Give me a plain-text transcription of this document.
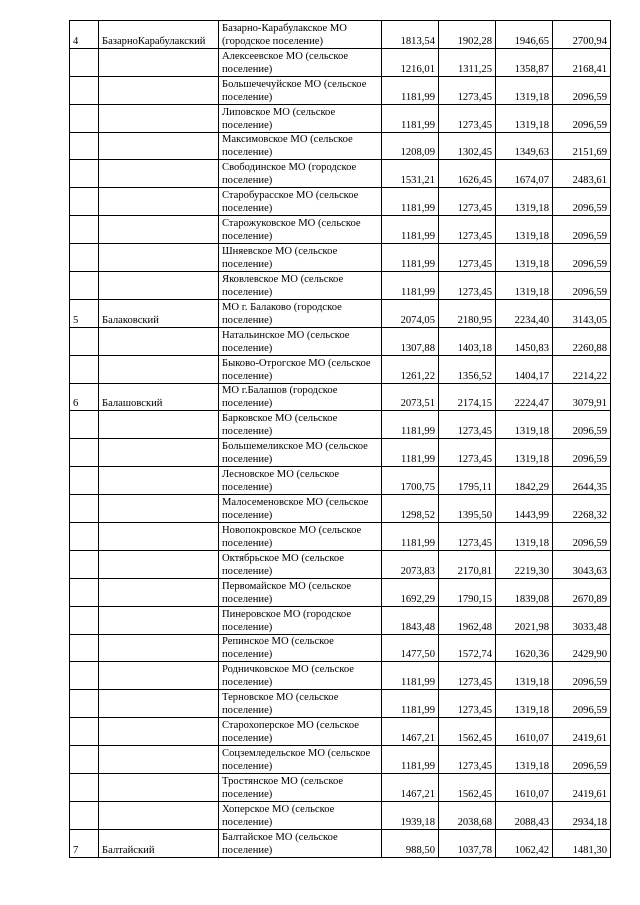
4	БазарноКарабулакский	Базарно-Карабулакское МО (городское поселение)	1813,54	1902,28	1946,65	2700,94
		Алексеевское МО (сельское поселение)	1216,01	1311,25	1358,87	2168,41
		Большечечуйское МО (сельское поселение)	1181,99	1273,45	1319,18	2096,59
		Липовское МО (сельское поселение)	1181,99	1273,45	1319,18	2096,59
		Максимовское МО (сельское поселение)	1208,09	1302,45	1349,63	2151,69
		Свободинское МО (городское поселение)	1531,21	1626,45	1674,07	2483,61
		Старобурасское МО (сельское поселение)	1181,99	1273,45	1319,18	2096,59
		Старожуковское МО (сельское поселение)	1181,99	1273,45	1319,18	2096,59
		Шняевское МО (сельское поселение)	1181,99	1273,45	1319,18	2096,59
		Яковлевское МО (сельское поселение)	1181,99	1273,45	1319,18	2096,59
5	Балаковский	МО г. Балаково (городское поселение)	2074,05	2180,95	2234,40	3143,05
		Натальинское МО (сельское поселение)	1307,88	1403,18	1450,83	2260,88
		Быково-Отрогское МО (сельское поселение)	1261,22	1356,52	1404,17	2214,22
6	Балашовский	МО г.Балашов (городское поселение)	2073,51	2174,15	2224,47	3079,91
		Барковское МО (сельское поселение)	1181,99	1273,45	1319,18	2096,59
		Большемеликское МО (сельское поселение)	1181,99	1273,45	1319,18	2096,59
		Лесновское МО (сельское поселение)	1700,75	1795,11	1842,29	2644,35
		Малосеменовское МО (сельское поселение)	1298,52	1395,50	1443,99	2268,32
		Новопокровское МО (сельское поселение)	1181,99	1273,45	1319,18	2096,59
		Октябрьское МО (сельское поселение)	2073,83	2170,81	2219,30	3043,63
		Первомайское МО (сельское поселение)	1692,29	1790,15	1839,08	2670,89
		Пинеровское МО (городское поселение)	1843,48	1962,48	2021,98	3033,48
		Репинское МО (сельское поселение)	1477,50	1572,74	1620,36	2429,90
		Родничковское МО (сельское поселение)	1181,99	1273,45	1319,18	2096,59
		Терновское МО (сельское поселение)	1181,99	1273,45	1319,18	2096,59
		Старохоперское МО (сельское поселение)	1467,21	1562,45	1610,07	2419,61
		Соцземледельское МО (сельское поселение)	1181,99	1273,45	1319,18	2096,59
		Тростянское МО (сельское поселение)	1467,21	1562,45	1610,07	2419,61
		Хоперское МО (сельское поселение)	1939,18	2038,68	2088,43	2934,18
7	Балтайский	Балтайское МО (сельское поселение)	988,50	1037,78	1062,42	1481,30
